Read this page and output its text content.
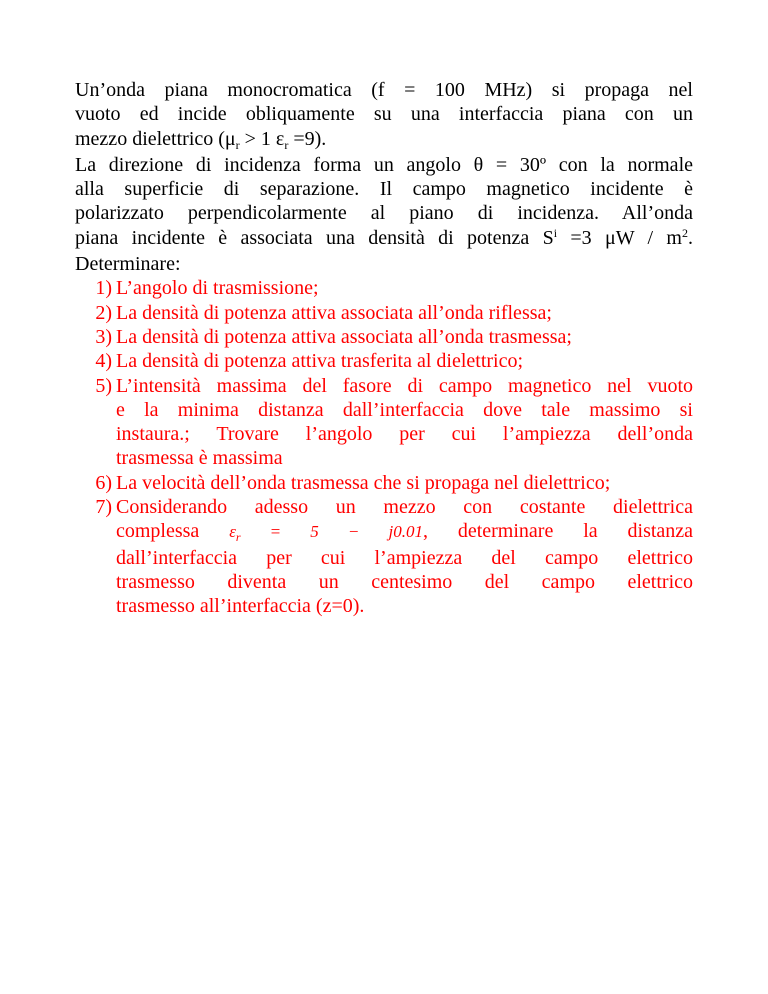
Un’onda piana monocromatica (f = 100 MHz) si propaga nel
vuoto ed incide obliquamente su una interfaccia piana con un
mezzo dielettrico ($\mu_r > 1$ $\varepsilon_r =9$).
La direzione di incidenza forma un angolo θ = 30º con la normale
alla superficie di separazione. Il campo magnetico incidente è
polarizzato perpendicolarmente al piano di incidenza. All’onda
piana incidente è associata una densità di potenza $S^i =3$ μW / $m^2$.
Determinare:
1) L’angolo di trasmissione;
2) La densità di potenza attiva associata all’onda riflessa;
3) La densità di potenza attiva associata all’onda trasmessa;
4) La densità di potenza attiva trasferita al dielettrico;
5) L’intensità massima del fasore di campo magnetico nel vuoto
e la minima distanza dall’interfaccia dove tale massimo si
instaura.; Trovare l’angolo per cui l’ampiezza dell’onda
trasmessa è massima
6) La velocità dell’onda trasmessa che si propaga nel dielettrico;
7) Considerando adesso un mezzo con costante dielettrica
complessa $\varepsilon_r = 5 - j0.01$, determinare la distanza
dall’interfaccia per cui l’ampiezza del campo elettrico
trasmesso diventa un centesimo del campo elettrico
trasmesso all’interfaccia (z=0).
